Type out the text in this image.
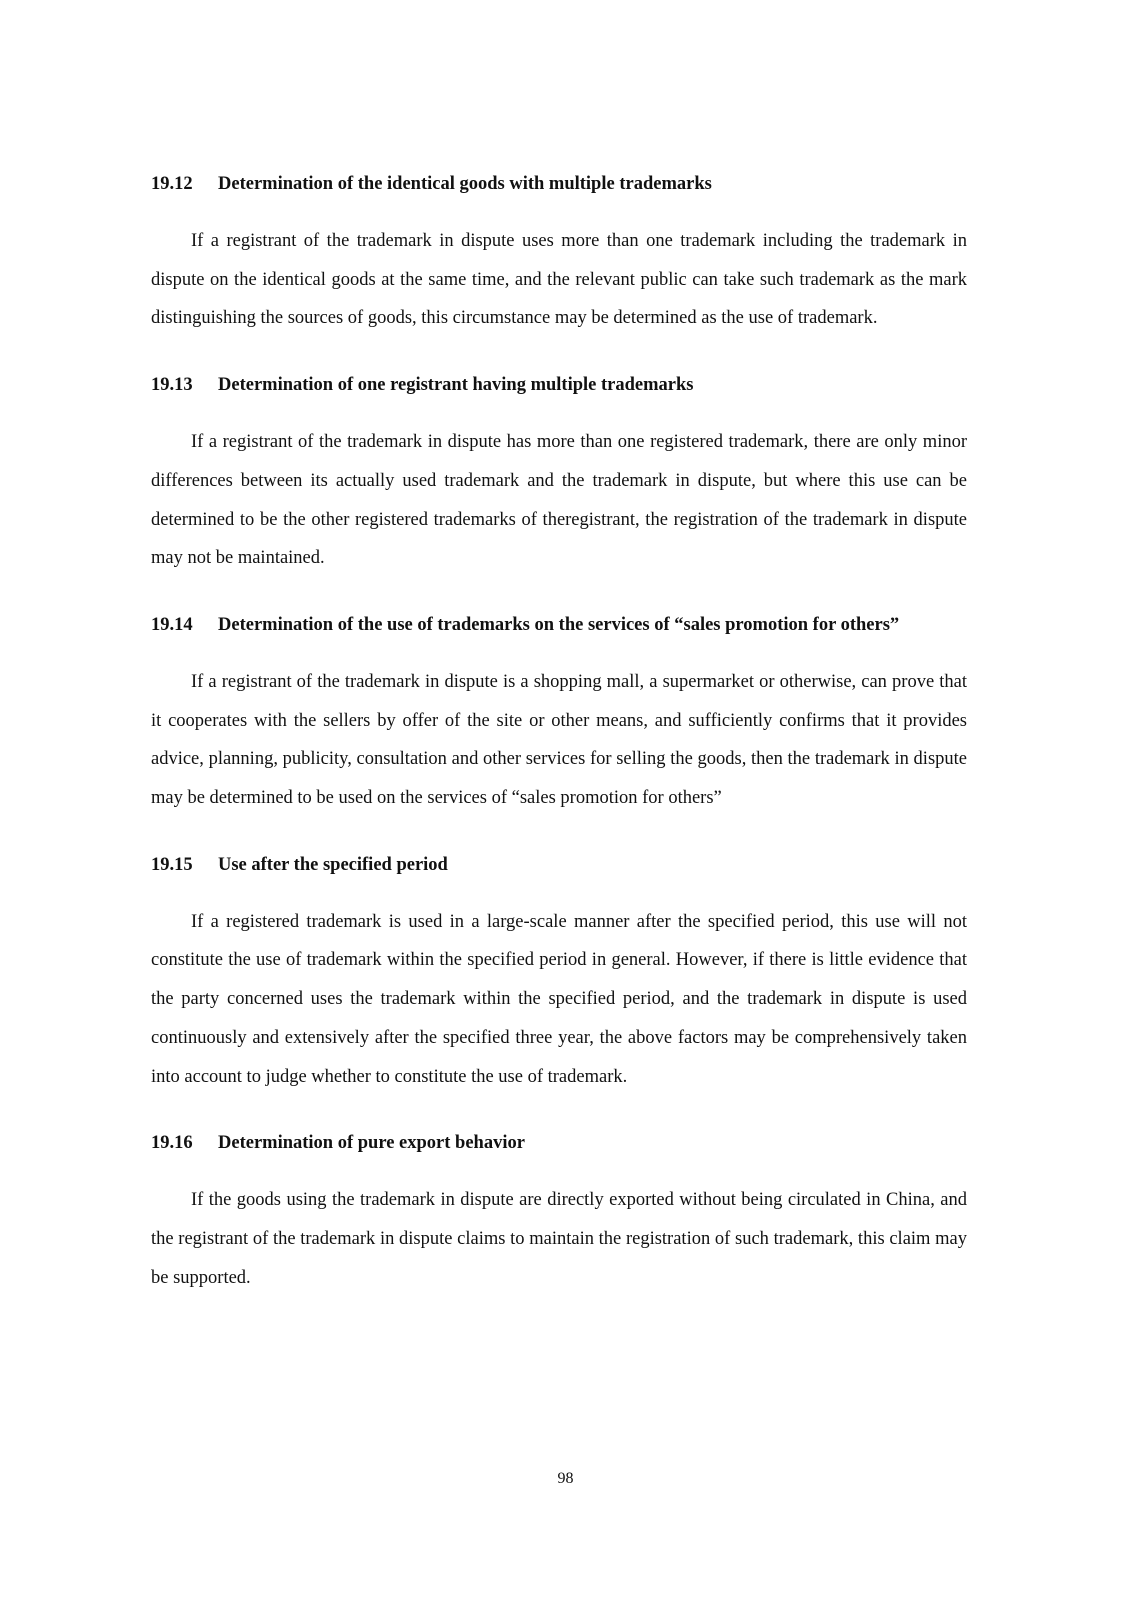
19.12	Determination of the identical goods with multiple trademarks

If a registrant of the trademark in dispute uses more than one trademark including the trademark in dispute on the identical goods at the same time, and the relevant public can take such trademark as the mark distinguishing the sources of goods, this circumstance may be determined as the use of trademark.

19.13	Determination of one registrant having multiple trademarks

If a registrant of the trademark in dispute has more than one registered trademark, there are only minor differences between its actually used trademark and the trademark in dispute, but where this use can be determined to be the other registered trademarks of theregistrant, the registration of the trademark in dispute may not be maintained.

19.14	Determination of the use of trademarks on the services of “sales promotion for others”

If a registrant of the trademark in dispute is a shopping mall, a supermarket or otherwise, can prove that it cooperates with the sellers by offer of the site or other means, and sufficiently confirms that it provides advice, planning, publicity, consultation and other services for selling the goods, then the trademark in dispute may be determined to be used on the services of “sales promotion for others”

19.15	Use after the specified period

If a registered trademark is used in a large-scale manner after the specified period, this use will not constitute the use of trademark within the specified period in general. However, if there is little evidence that the party concerned uses the trademark within the specified period, and the trademark in dispute is used continuously and extensively after the specified three year, the above factors may be comprehensively taken into account to judge whether to constitute the use of trademark.

19.16	Determination of pure export behavior

If the goods using the trademark in dispute are directly exported without being circulated in China, and the registrant of the trademark in dispute claims to maintain the registration of such trademark, this claim may be supported.

98
